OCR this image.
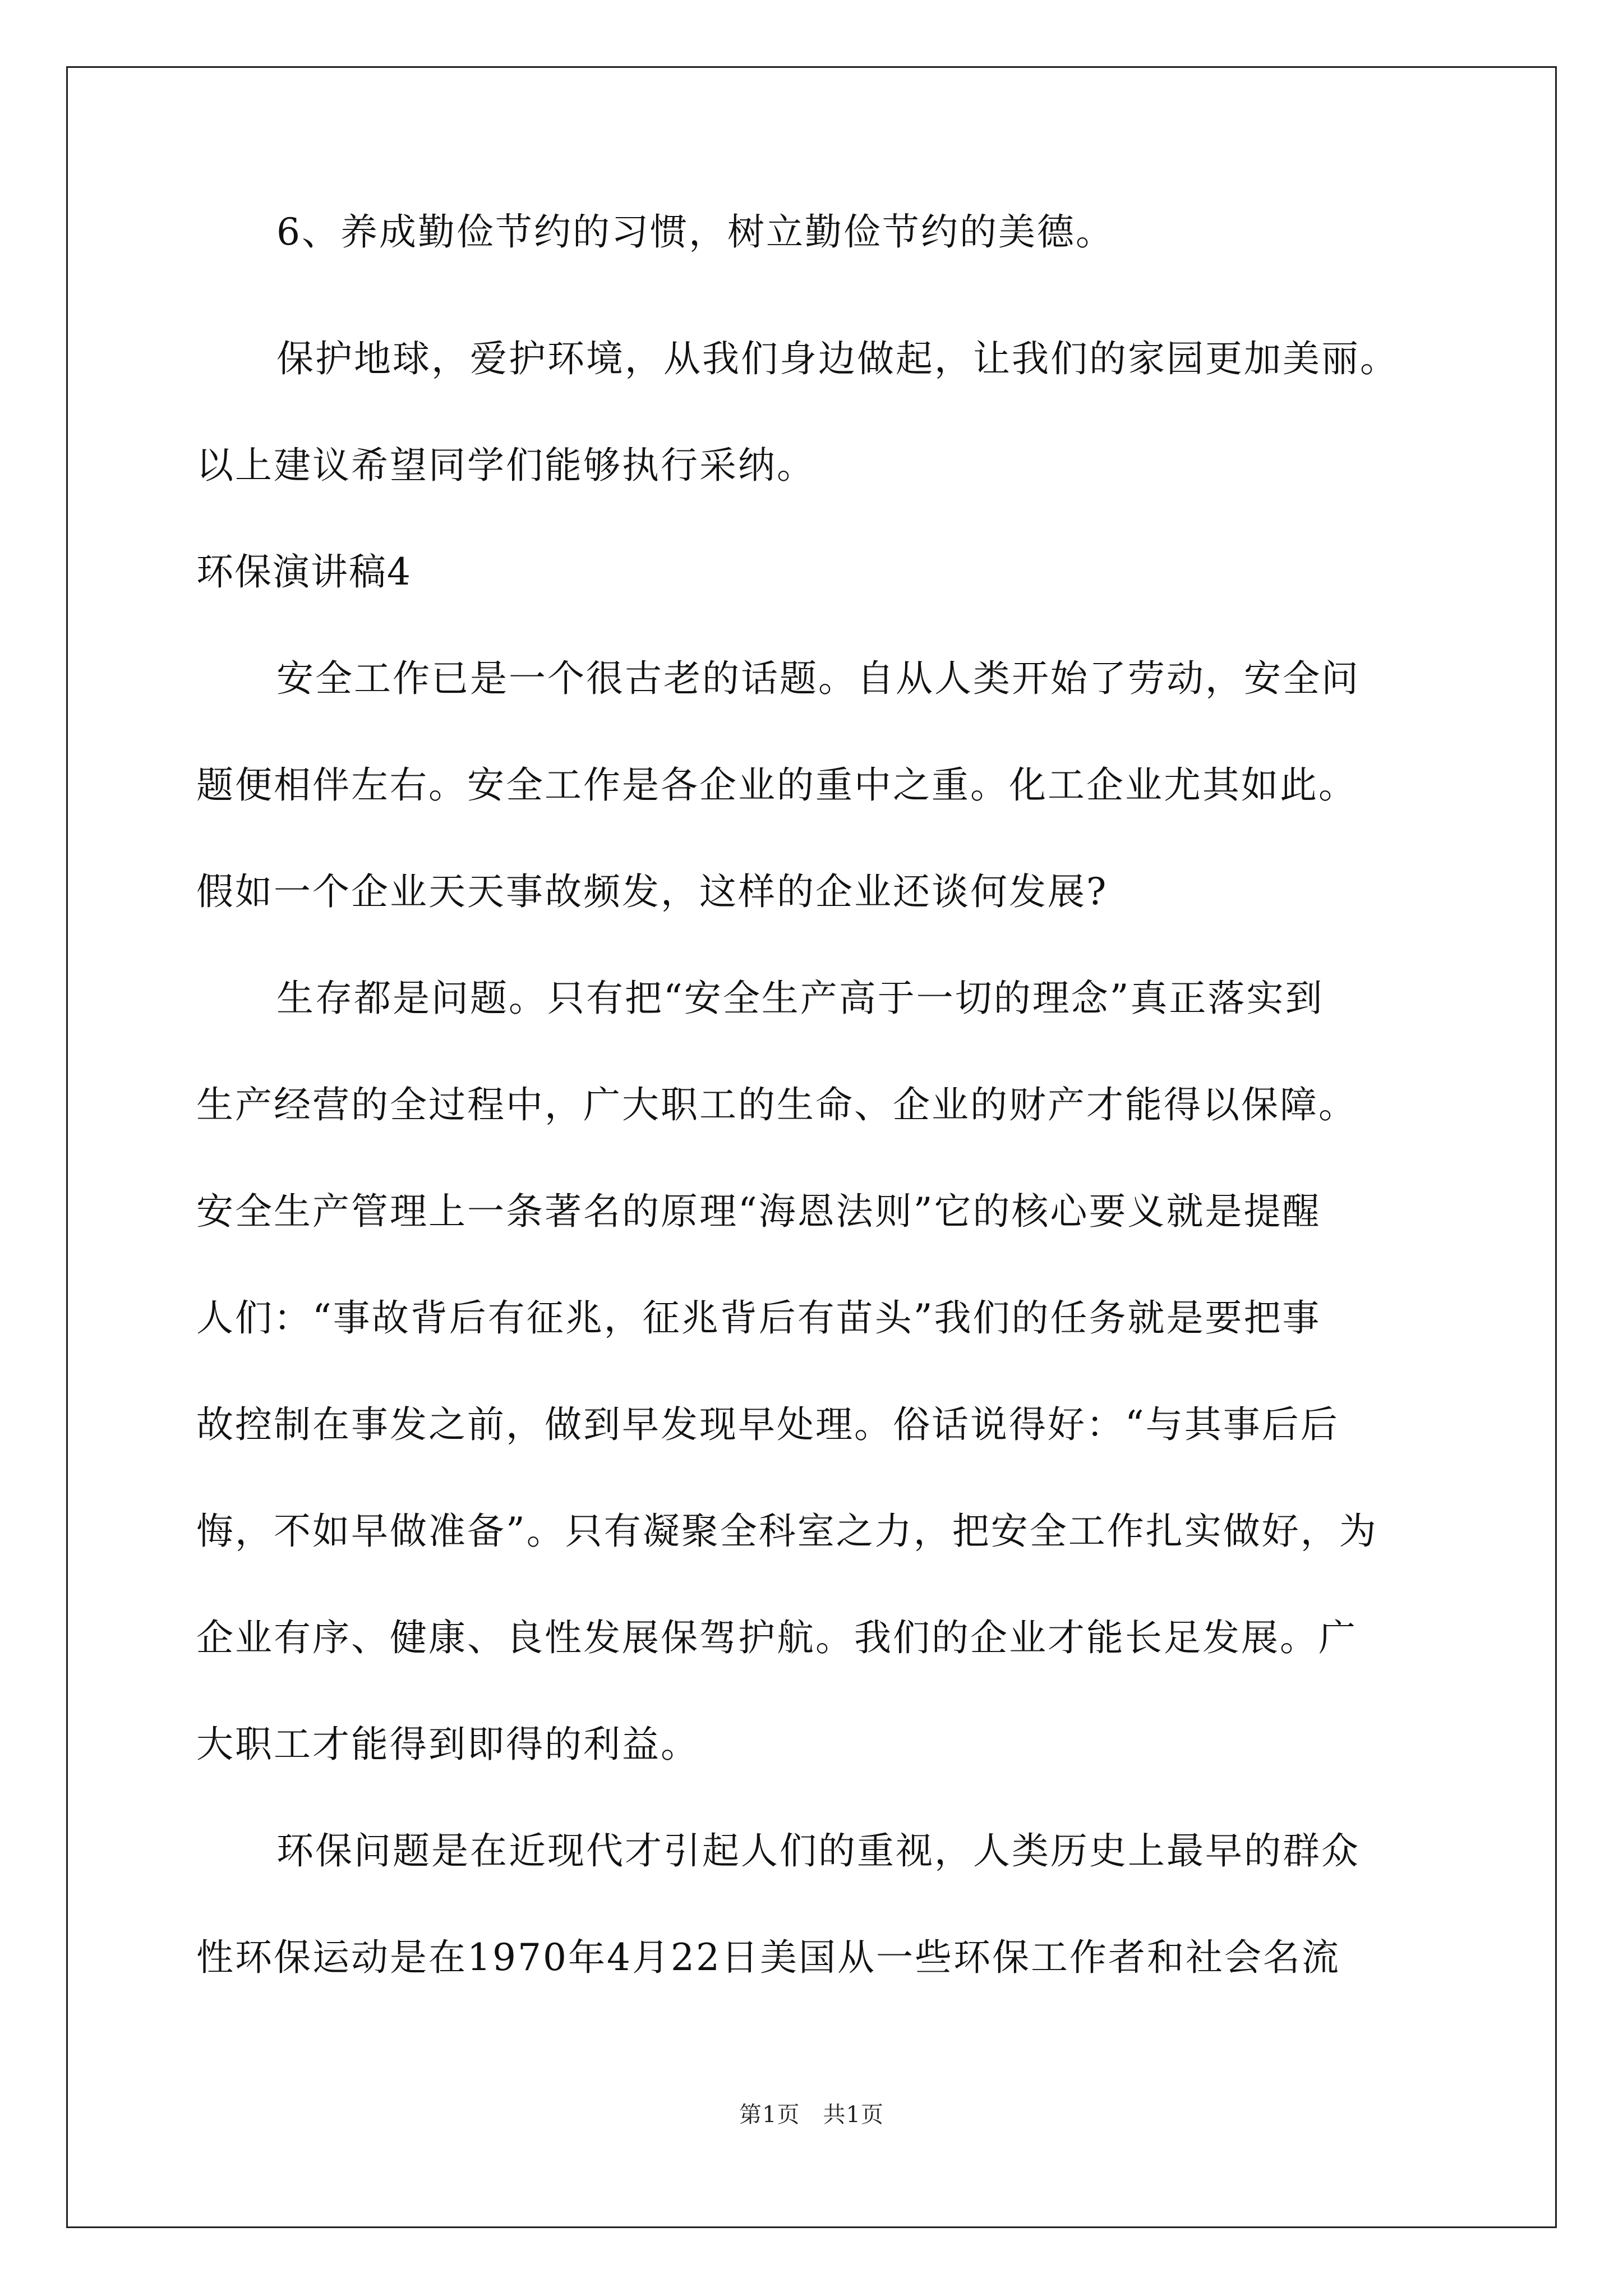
6、养成勤俭节约的习惯，树立勤俭节约的美德。

保护地球，爱护环境，从我们身边做起，让我们的家园更加美丽。

以上建议希望同学们能够执行采纳。

环保演讲稿4

安全工作已是一个很古老的话题。自从人类开始了劳动，安全问

题便相伴左右。安全工作是各企业的重中之重。化工企业尤其如此。

假如一个企业天天事故频发，这样的企业还谈何发展?

生存都是问题。只有把“安全生产高于一切的理念”真正落实到

生产经营的全过程中，广大职工的生命、企业的财产才能得以保障。

安全生产管理上一条著名的原理“海恩法则”它的核心要义就是提醒

人们：“事故背后有征兆，征兆背后有苗头”我们的任务就是要把事

故控制在事发之前，做到早发现早处理。俗话说得好：“与其事后后

悔，不如早做准备”。只有凝聚全科室之力，把安全工作扎实做好，为

企业有序、健康、良性发展保驾护航。我们的企业才能长足发展。广

大职工才能得到即得的利益。

环保问题是在近现代才引起人们的重视，人类历史上最早的群众

性环保运动是在1970年4月22日美国从一些环保工作者和社会名流

第1页　共1页
